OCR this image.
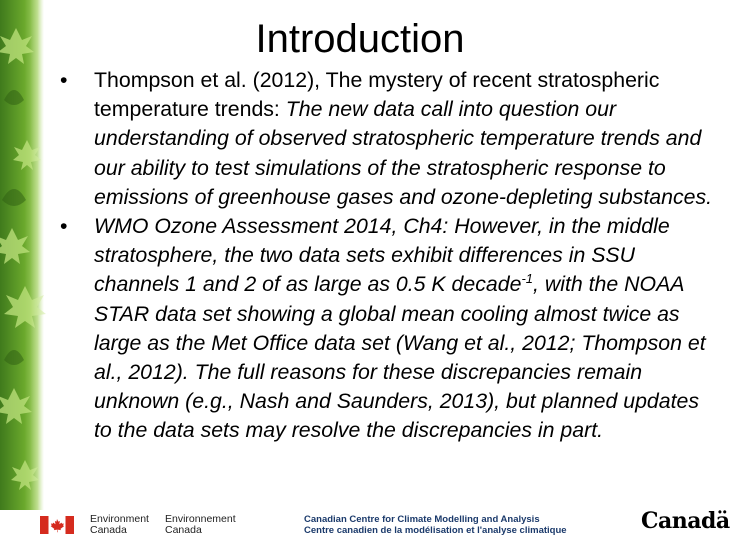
Introduction
• Thompson et al. (2012), The mystery of recent stratospheric temperature trends: The new data call into question our understanding of observed stratospheric temperature trends and our ability to test simulations of the stratospheric response to emissions of greenhouse gases and ozone-depleting substances.
• WMO Ozone Assessment 2014, Ch4: However, in the middle stratosphere, the two data sets exhibit differences in SSU channels 1 and 2 of as large as 0.5 K decade$^{-1}$, with the NOAA STAR data set showing a global mean cooling almost twice as large as the Met Office data set (Wang et al., 2012; Thompson et al., 2012). The full reasons for these discrepancies remain unknown (e.g., Nash and Saunders, 2013), but planned updates to the data sets may resolve the discrepancies in part.
Environment
Canada
Environnement
Canada
Canadian Centre for Climate Modelling and Analysis
Centre canadien de la modélisation et l'analyse climatique	Canadä
